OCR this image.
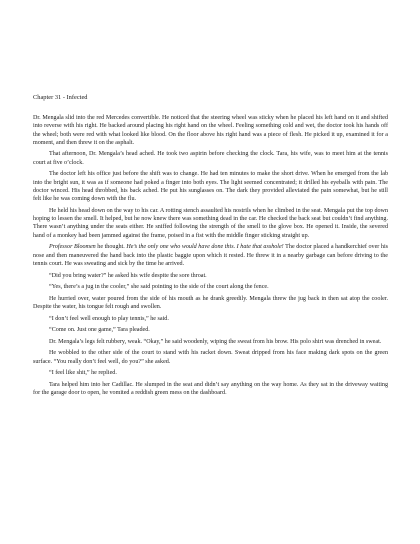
Chapter 31 - Infected

Dr. Mengala slid into the red Mercedes convertible. He noticed that the steering wheel was sticky when he placed his left hand on it and shifted into reverse with his right. He backed around placing his right hand on the wheel. Feeling something cold and wet, the doctor took his hands off the wheel; both were red with what looked like blood. On the floor above his right hand was a piece of flesh. He picked it up, examined it for a moment, and then threw it on the asphalt.

That afternoon, Dr. Mengala’s head ached. He took two aspirin before checking the clock. Tara, his wife, was to meet him at the tennis court at five o’clock.

The doctor left his office just before the shift was to change. He had ten minutes to make the short drive. When he emerged from the lab into the bright sun, it was as if someone had poked a finger into both eyes. The light seemed concentrated; it drilled his eyeballs with pain. The doctor winced. His head throbbed, his back ached. He put his sunglasses on. The dark they provided alleviated the pain somewhat, but he still felt like he was coming down with the flu.

He held his head down on the way to his car. A rotting stench assaulted his nostrils when he climbed in the seat. Mengala put the top down hoping to lessen the smell. It helped, but he now knew there was something dead in the car. He checked the back seat but couldn’t find anything. There wasn’t anything under the seats either. He sniffed following the strength of the smell to the glove box. He opened it. Inside, the severed hand of a monkey had been jammed against the frame, poised in a fist with the middle finger sticking straight up.

Professor Bloomen he thought. He’s the only one who would have done this. I hate that asshole! The doctor placed a handkerchief over his nose and then maneuvered the hand back into the plastic baggie upon which it rested. He threw it in a nearby garbage can before driving to the tennis court. He was sweating and sick by the time he arrived.

“Did you bring water?” he asked his wife despite the sore throat.

“Yes, there’s a jug in the cooler,” she said pointing to the side of the court along the fence.

He hurried over, water poured from the side of his mouth as he drank greedily. Mengala threw the jug back in then sat atop the cooler. Despite the water, his tongue felt rough and swollen.

“I don’t feel well enough to play tennis,” he said.

“Come on. Just one game,” Tara pleaded.

Dr. Mengala’s legs felt rubbery, weak. “Okay,” he said woodenly, wiping the sweat from his brow. His polo shirt was drenched in sweat.

He wobbled to the other side of the court to stand with his racket down. Sweat dripped from his face making dark spots on the green surface. “You really don’t feel well, do you?” she asked.

“I feel like shit,” he replied.

Tara helped him into her Cadillac. He slumped in the seat and didn’t say anything on the way home. As they sat in the driveway waiting for the garage door to open, he vomited a reddish green mess on the dashboard.
